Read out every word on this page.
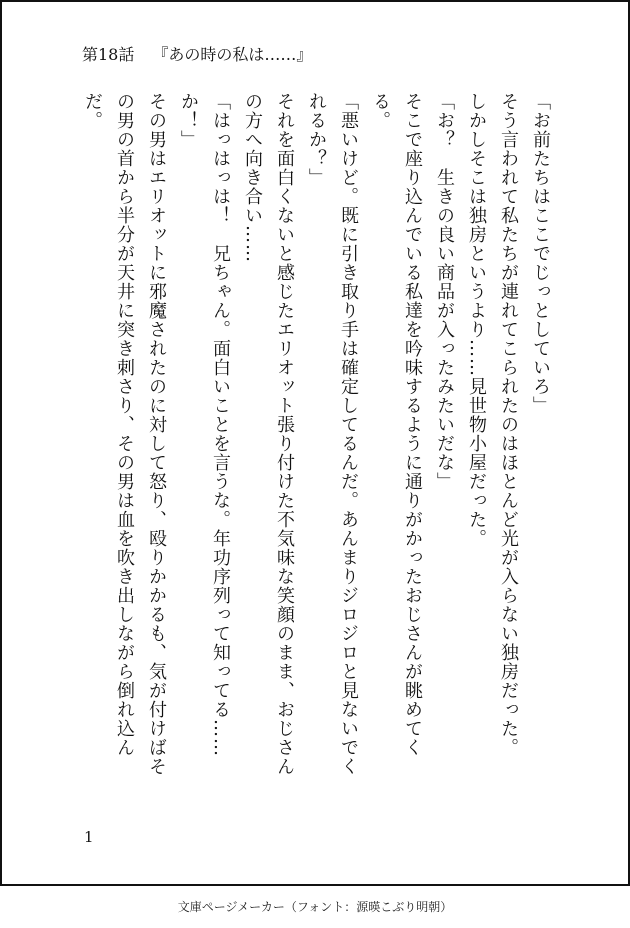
第18話 『あの時の私は……』

「お前たちはここでじっとしていろ」

そう言われて私たちが連れてこられたのはほとんど光が入らない独房だった。

しかしそこは独房というより……見世物小屋だった。

「お？　生きの良い商品が入ったみたいだな」

そこで座り込んでいる私達を吟味するように通りがかったおじさんが眺めてくる。

「悪いけど。既に引き取り手は確定してるんだ。あんまりジロジロと見ないでくれるか？」

それを面白くないと感じたエリオット張り付けた不気味な笑顔のまま、おじさんの方へ向き合い……

「はっはっは！　兄ちゃん。面白いことを言うな。年功序列って知ってる……か！」

その男はエリオットに邪魔されたのに対して怒り、殴りかかるも、気が付けばその男の首から半分が天井に突き刺さり、その男は血を吹き出しながら倒れ込んだ。

1
文庫ページメーカー（フォント：源暎こぶり明朝）
